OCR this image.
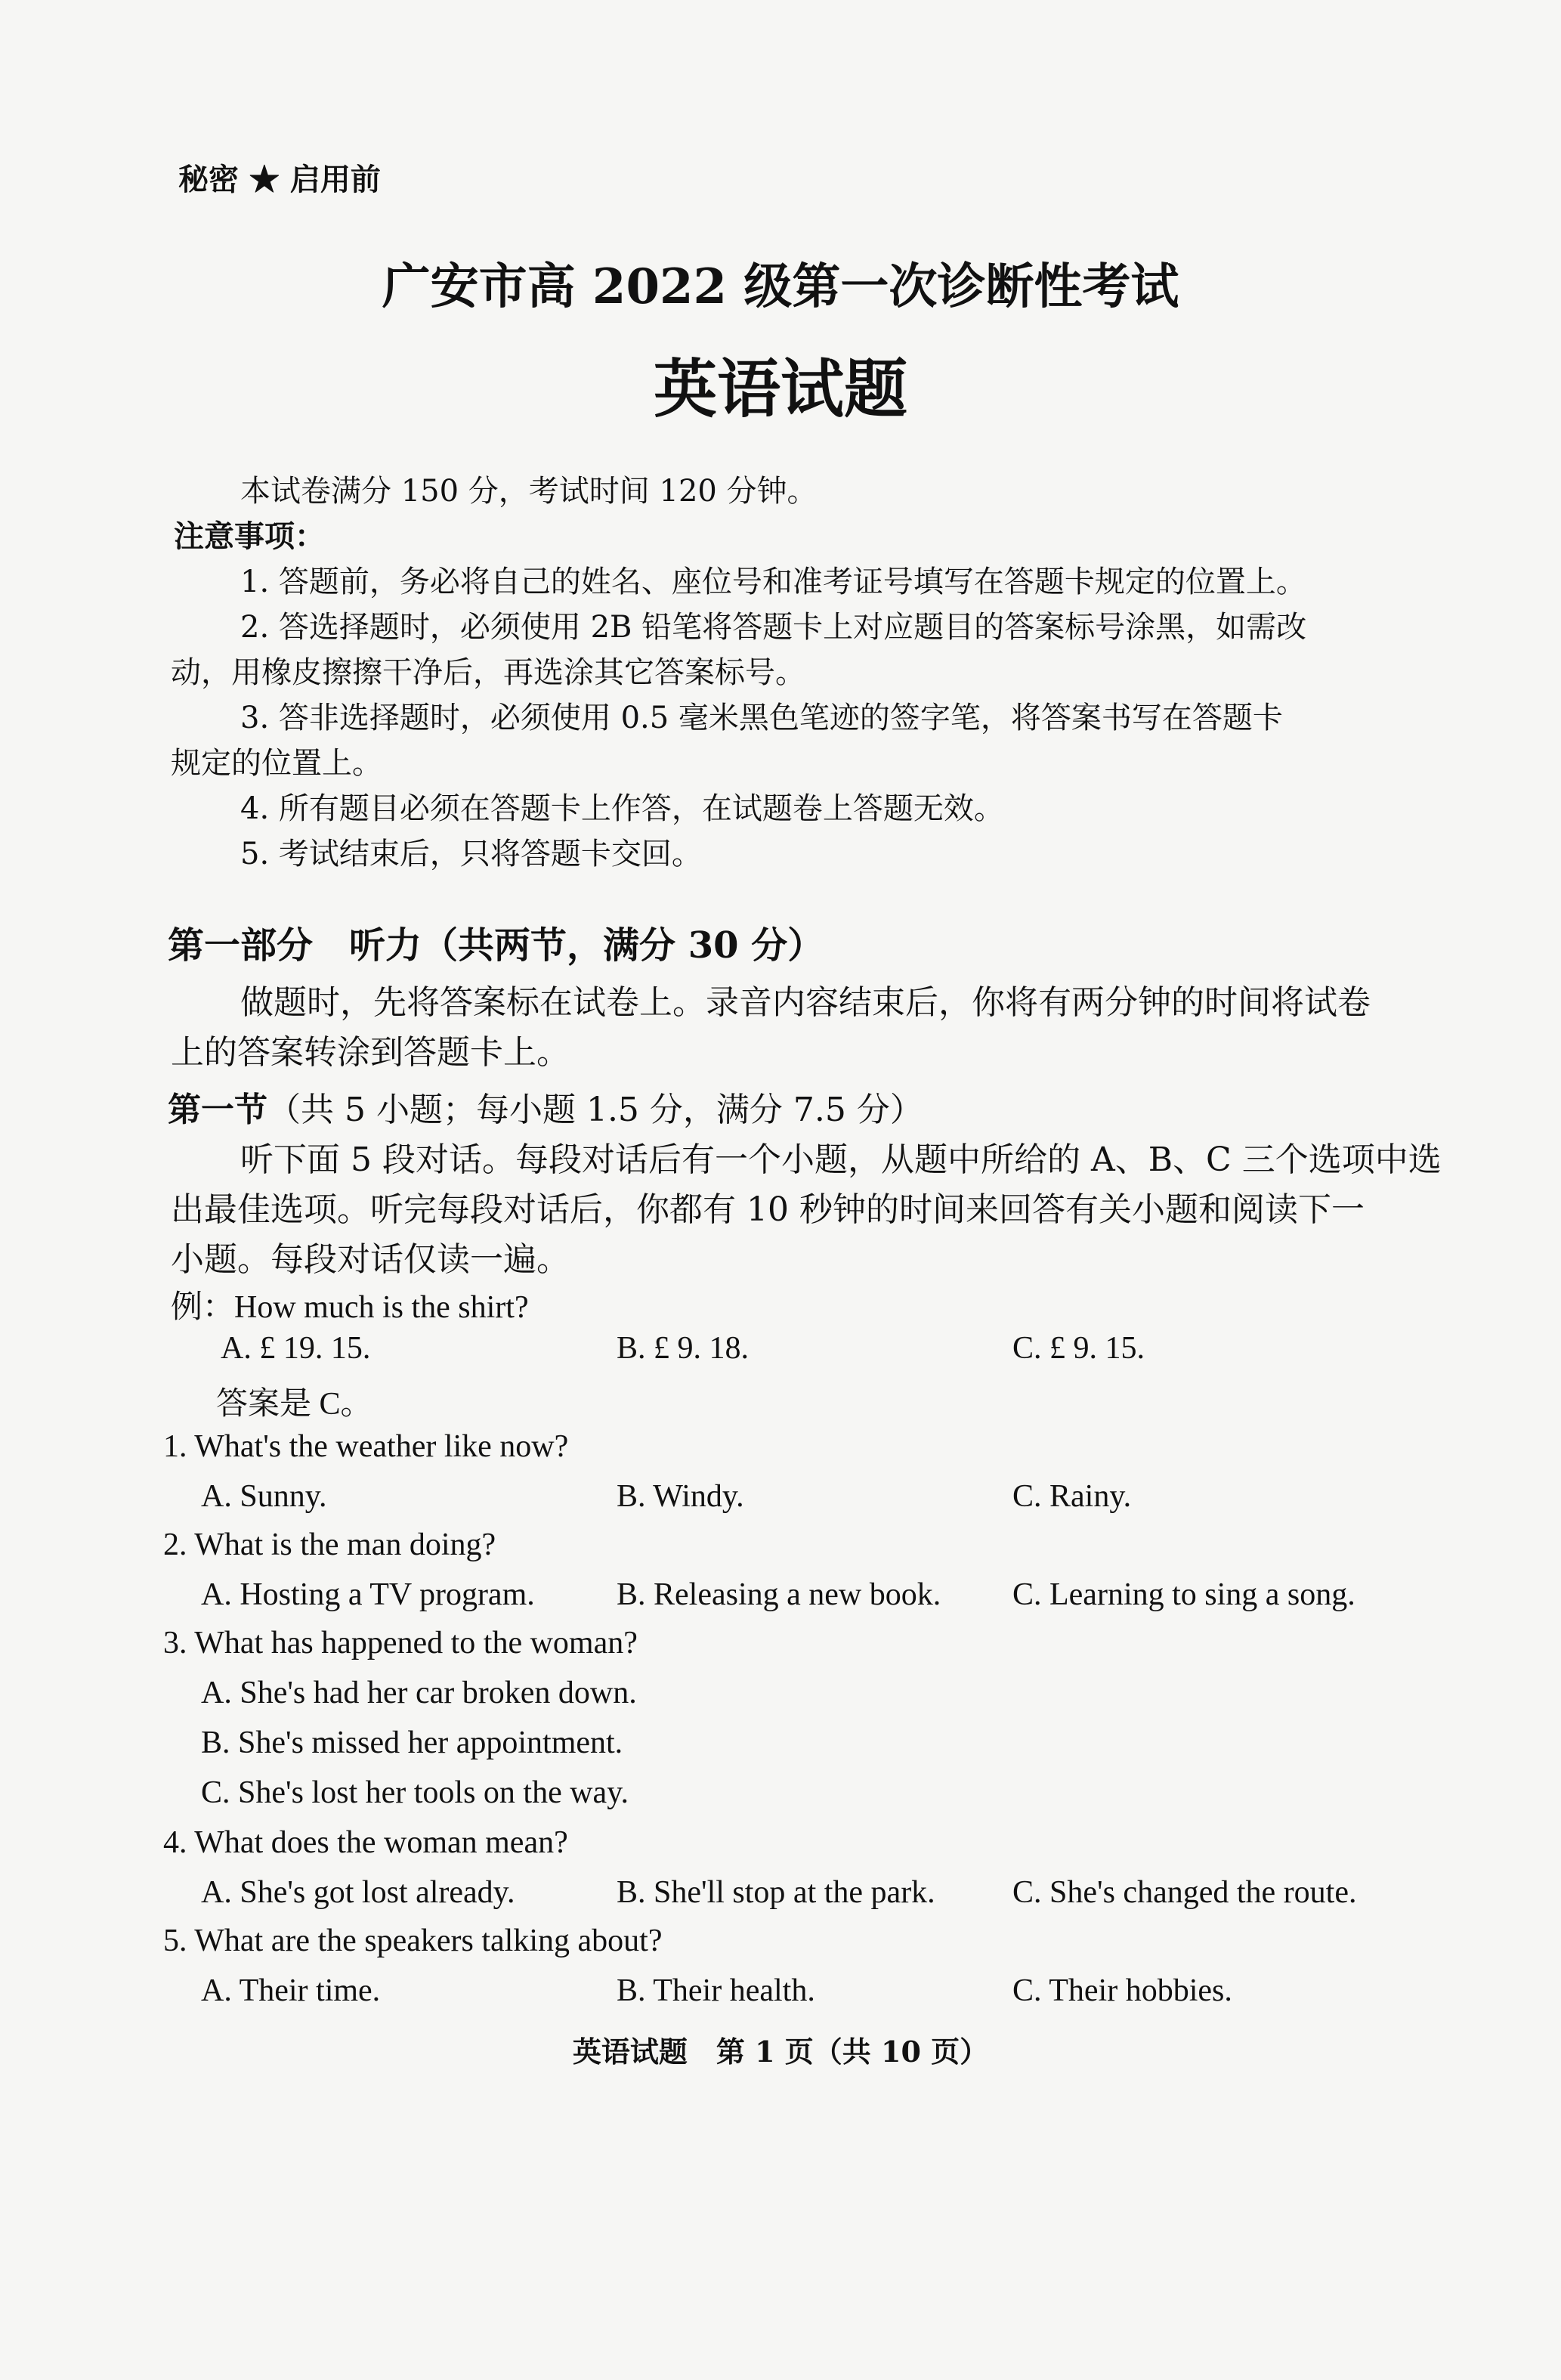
秘密 ★ 启用前
广安市高 2022 级第一次诊断性考试
英语试题
本试卷满分 150 分，考试时间 120 分钟。
注意事项：
1. 答题前，务必将自己的姓名、座位号和准考证号填写在答题卡规定的位置上。
2. 答选择题时，必须使用 2B 铅笔将答题卡上对应题目的答案标号涂黑，如需改
动，用橡皮擦擦干净后，再选涂其它答案标号。
3. 答非选择题时，必须使用 0.5 毫米黑色笔迹的签字笔，将答案书写在答题卡
规定的位置上。
4. 所有题目必须在答题卡上作答，在试题卷上答题无效。
5. 考试结束后，只将答题卡交回。
第一部分　听力（共两节，满分 30 分）
做题时，先将答案标在试卷上。录音内容结束后，你将有两分钟的时间将试卷
上的答案转涂到答题卡上。
第一节（共 5 小题；每小题 1.5 分，满分 7.5 分）
听下面 5 段对话。每段对话后有一个小题，从题中所给的 A、B、C 三个选项中选
出最佳选项。听完每段对话后，你都有 10 秒钟的时间来回答有关小题和阅读下一
小题。每段对话仅读一遍。
例：How much is the shirt?
A. £ 19. 15.	B. £ 9. 18.	C. £ 9. 15.
答案是 C。
1. What's the weather like now?
A. Sunny.	B. Windy.	C. Rainy.
2. What is the man doing?
A. Hosting a TV program.	B. Releasing a new book. C. Learning to sing a song.
3. What has happened to the woman?
A. She's had her car broken down.
B. She's missed her appointment.
C. She's lost her tools on the way.
4. What does the woman mean?
A. She's got lost already.	B. She'll stop at the park. C. She's changed the route.
5. What are the speakers talking about?
A. Their time.	B. Their health.	C. Their hobbies.
英语试题　第 1 页（共 10 页）
